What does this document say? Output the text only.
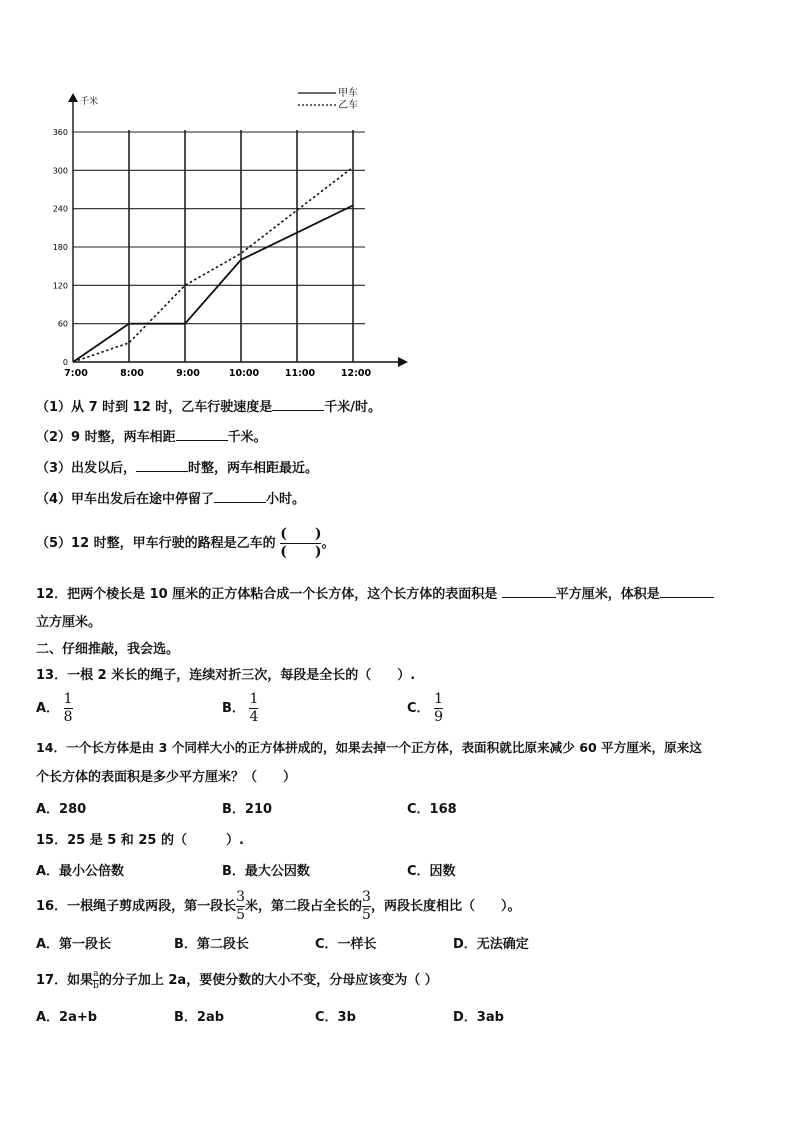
千米
0
60
120
180
240
300
360
7:00	8:00	9:00	10:00	11:00	12:00
甲车
乙车
（1）从 7 时到 12 时，乙车行驶速度是	千米/时。
（2）9 时整，两车相距	千米。
（3）出发以后，	时整，两车相距最近。
（4）甲车出发后在途中停留了	小时。
（5）12 时整，甲车行驶的路程是乙车的 $\frac{( )}{( )}$ 。
12．把两个棱长是 10 厘米的正方体粘合成一个长方体，这个长方体的表面积是	平方厘米，体积是
立方厘米。
二、仔细推敲，我会选。
13．一根 2 米长的绳子，连续对折三次，每段是全长的（　　）.
A． $\frac{1}{8}$	B． $\frac{1}{4}$	C． $\frac{1}{9}$
14．一个长方体是由 3 个同样大小的正方体拼成的，如果去掉一个正方体，表面积就比原来减少 60 平方厘米，原来这
个长方体的表面积是多少平方厘米？（　　）
A．280	B．210	C．168
15．25 是 5 和 25 的（　　　）.
A．最小公倍数	B．最大公因数	C．因数
16．一根绳子剪成两段，第一段长 $\frac{3}{5}$ 米，第二段占全长的 $\frac{3}{5}$ ，两段长度相比（　　）。
A．第一段长	B．第二段长	C．一样长	D．无法确定
17．如果 $\frac{a}{b}$ 的分子加上 2a，要使分数的大小不变，分母应该变为（ ）
A．2a+b	B．2ab	C．3b	D．3ab
